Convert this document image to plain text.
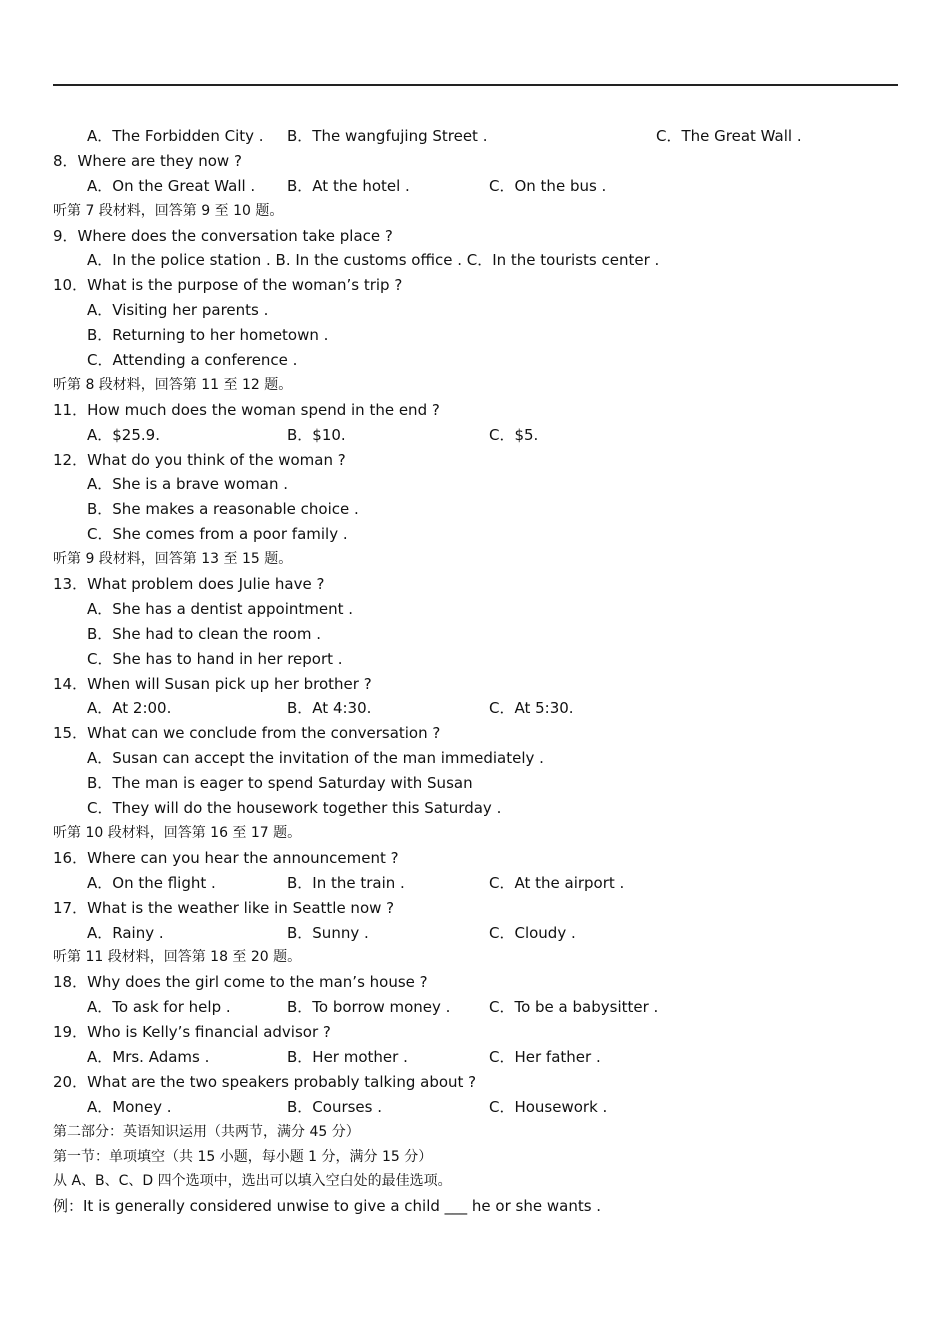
A．The Forbidden City . B．The wangfujing Street .	C．The Great Wall .
8．Where are they now ?
A．On the Great Wall . B．At the hotel .	C．On the bus .
听第 7 段材料，回答第 9 至 10 题。
9．Where does the conversation take place ?
A．In the police station . B. In the customs office . C．In the tourists center .
10．What is the purpose of the woman’s trip ?
A．Visiting her parents .
B．Returning to her hometown .
C．Attending a conference .
听第 8 段材料，回答第 11 至 12 题。
11．How much does the woman spend in the end ?
A．$25.9.	B．$10.	C．$5.
12．What do you think of the woman ?
A．She is a brave woman .
B．She makes a reasonable choice .
C．She comes from a poor family .
听第 9 段材料，回答第 13 至 15 题。
13．What problem does Julie have ?
A．She has a dentist appointment .
B．She had to clean the room .
C．She has to hand in her report .
14．When will Susan pick up her brother ?
A．At 2:00.	B．At 4:30.	C．At 5:30.
15．What can we conclude from the conversation ?
A．Susan can accept the invitation of the man immediately .
B．The man is eager to spend Saturday with Susan
C．They will do the housework together this Saturday .
听第 10 段材料，回答第 16 至 17 题。
16．Where can you hear the announcement ?
A．On the flight .	B．In the train .	C．At the airport .
17．What is the weather like in Seattle now ?
A．Rainy .	B．Sunny .	C．Cloudy .
听第 11 段材料，回答第 18 至 20 题。
18．Why does the girl come to the man’s house ?
A．To ask for help .	B．To borrow money .	C．To be a babysitter .
19．Who is Kelly’s financial advisor ?
A．Mrs. Adams .	B．Her mother .	C．Her father .
20．What are the two speakers probably talking about ?
A．Money .	B．Courses .	C．Housework .
第二部分：英语知识运用（共两节，满分 45 分）
第一节：单项填空（共 15 小题，每小题 1 分，满分 15 分）
从 A、B、C、D 四个选项中，选出可以填入空白处的最佳选项。
例：It is generally considered unwise to give a child ___ he or she wants .
